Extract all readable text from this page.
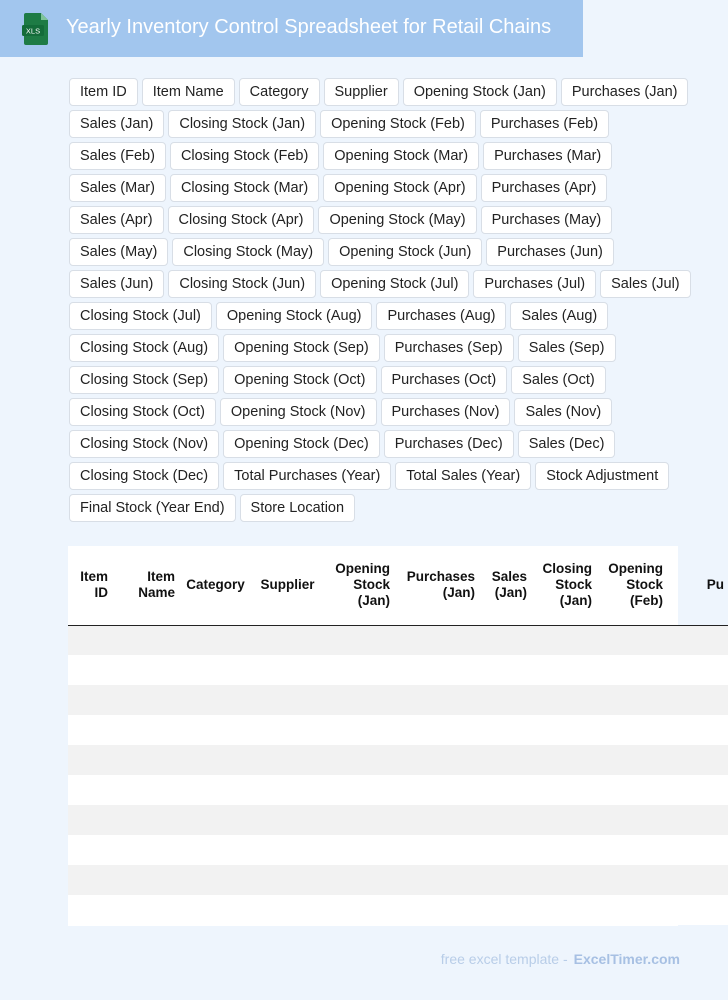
XLS Yearly Inventory Control Spreadsheet for Retail Chains
Item ID	Item Name	Category	Supplier	Opening Stock (Jan)	Purchases (Jan)
Sales (Jan)	Closing Stock (Jan)	Opening Stock (Feb)	Purchases (Feb)
Sales (Feb)	Closing Stock (Feb)	Opening Stock (Mar)	Purchases (Mar)
Sales (Mar)	Closing Stock (Mar)	Opening Stock (Apr)	Purchases (Apr)
Sales (Apr)	Closing Stock (Apr)	Opening Stock (May)	Purchases (May)
Sales (May)	Closing Stock (May)	Opening Stock (Jun)	Purchases (Jun)
Sales (Jun)	Closing Stock (Jun)	Opening Stock (Jul)	Purchases (Jul)	Sales (Jul)
Closing Stock (Jul)	Opening Stock (Aug)	Purchases (Aug)	Sales (Aug)
Closing Stock (Aug)	Opening Stock (Sep)	Purchases (Sep)	Sales (Sep)
Closing Stock (Sep)	Opening Stock (Oct)	Purchases (Oct)	Sales (Oct)
Closing Stock (Oct)	Opening Stock (Nov)	Purchases (Nov)	Sales (Nov)
Closing Stock (Nov)	Opening Stock (Dec)	Purchases (Dec)	Sales (Dec)
Closing Stock (Dec)	Total Purchases (Year)	Total Sales (Year)	Stock Adjustment
Final Stock (Year End)	Store Location
Item ID	Item Name	Category	Supplier	Opening Stock (Jan)	Purchases (Jan)	Sales (Jan)	Closing Stock (Jan)	Opening Stock (Feb)	Pu

free excel template - ExcelTimer.com
